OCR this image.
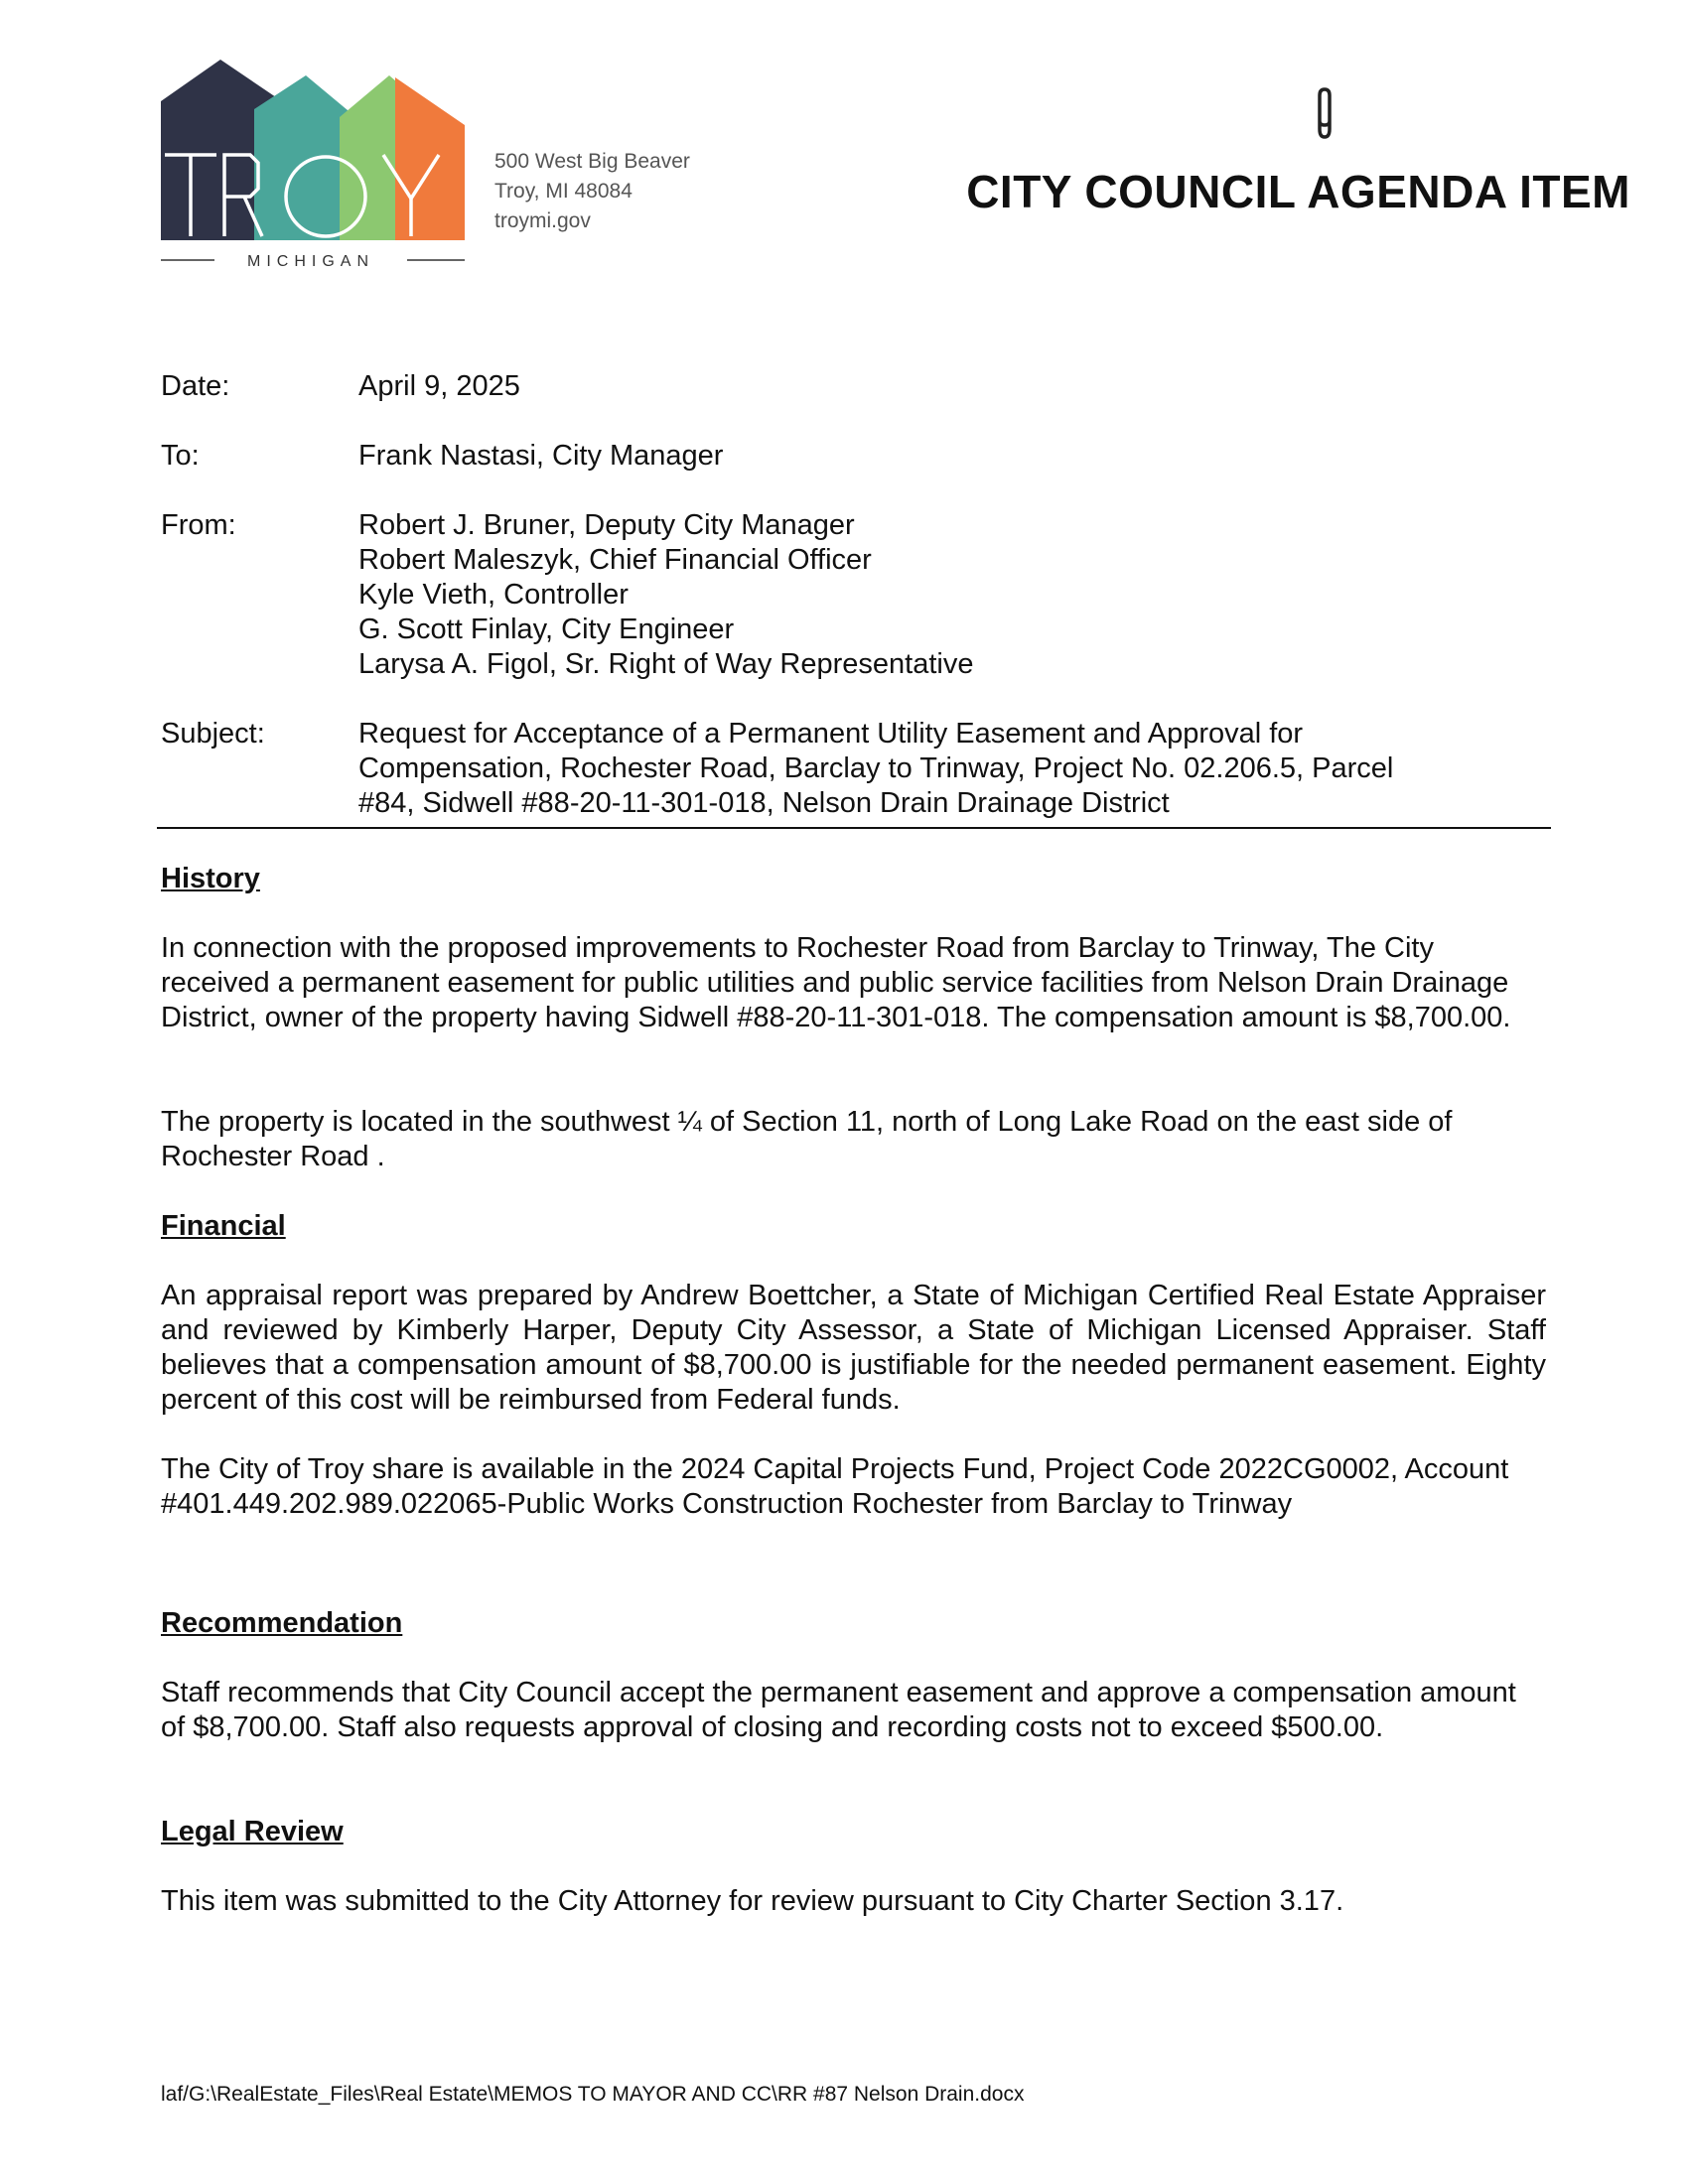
MICHIGAN
500 West Big Beaver
Troy, MI 48084
troymi.gov
CITY COUNCIL AGENDA ITEM
Date:	April 9, 2025
To:	Frank Nastasi, City Manager
From:	Robert J. Bruner, Deputy City Manager
Robert Maleszyk, Chief Financial Officer
Kyle Vieth, Controller
G. Scott Finlay, City Engineer
Larysa A. Figol, Sr. Right of Way Representative
Subject:	Request for Acceptance of a Permanent Utility Easement and Approval for
Compensation, Rochester Road, Barclay to Trinway, Project No. 02.206.5, Parcel
#84, Sidwell #88-20-11-301-018, Nelson Drain Drainage District
History
In connection with the proposed improvements to Rochester Road from Barclay to Trinway, The City received a permanent easement for public utilities and public service facilities from Nelson Drain Drainage District, owner of the property having Sidwell #88-20-11-301-018. The compensation amount is $8,700.00.
The property is located in the southwest ¼ of Section 11, north of Long Lake Road on the east side of Rochester Road .
Financial
An appraisal report was prepared by Andrew Boettcher, a State of Michigan Certified Real Estate Appraiser and reviewed by Kimberly Harper, Deputy City Assessor, a State of Michigan Licensed Appraiser. Staff believes that a compensation amount of $8,700.00 is justifiable for the needed permanent easement. Eighty percent of this cost will be reimbursed from Federal funds.
The City of Troy share is available in the 2024 Capital Projects Fund, Project Code 2022CG0002, Account #401.449.202.989.022065-Public Works Construction Rochester from Barclay to Trinway
Recommendation
Staff recommends that City Council accept the permanent easement and approve a compensation amount of $8,700.00. Staff also requests approval of closing and recording costs not to exceed $500.00.
Legal Review
This item was submitted to the City Attorney for review pursuant to City Charter Section 3.17.
laf/G:\RealEstate_Files\Real Estate\MEMOS TO MAYOR AND CC\RR #87 Nelson Drain.docx
